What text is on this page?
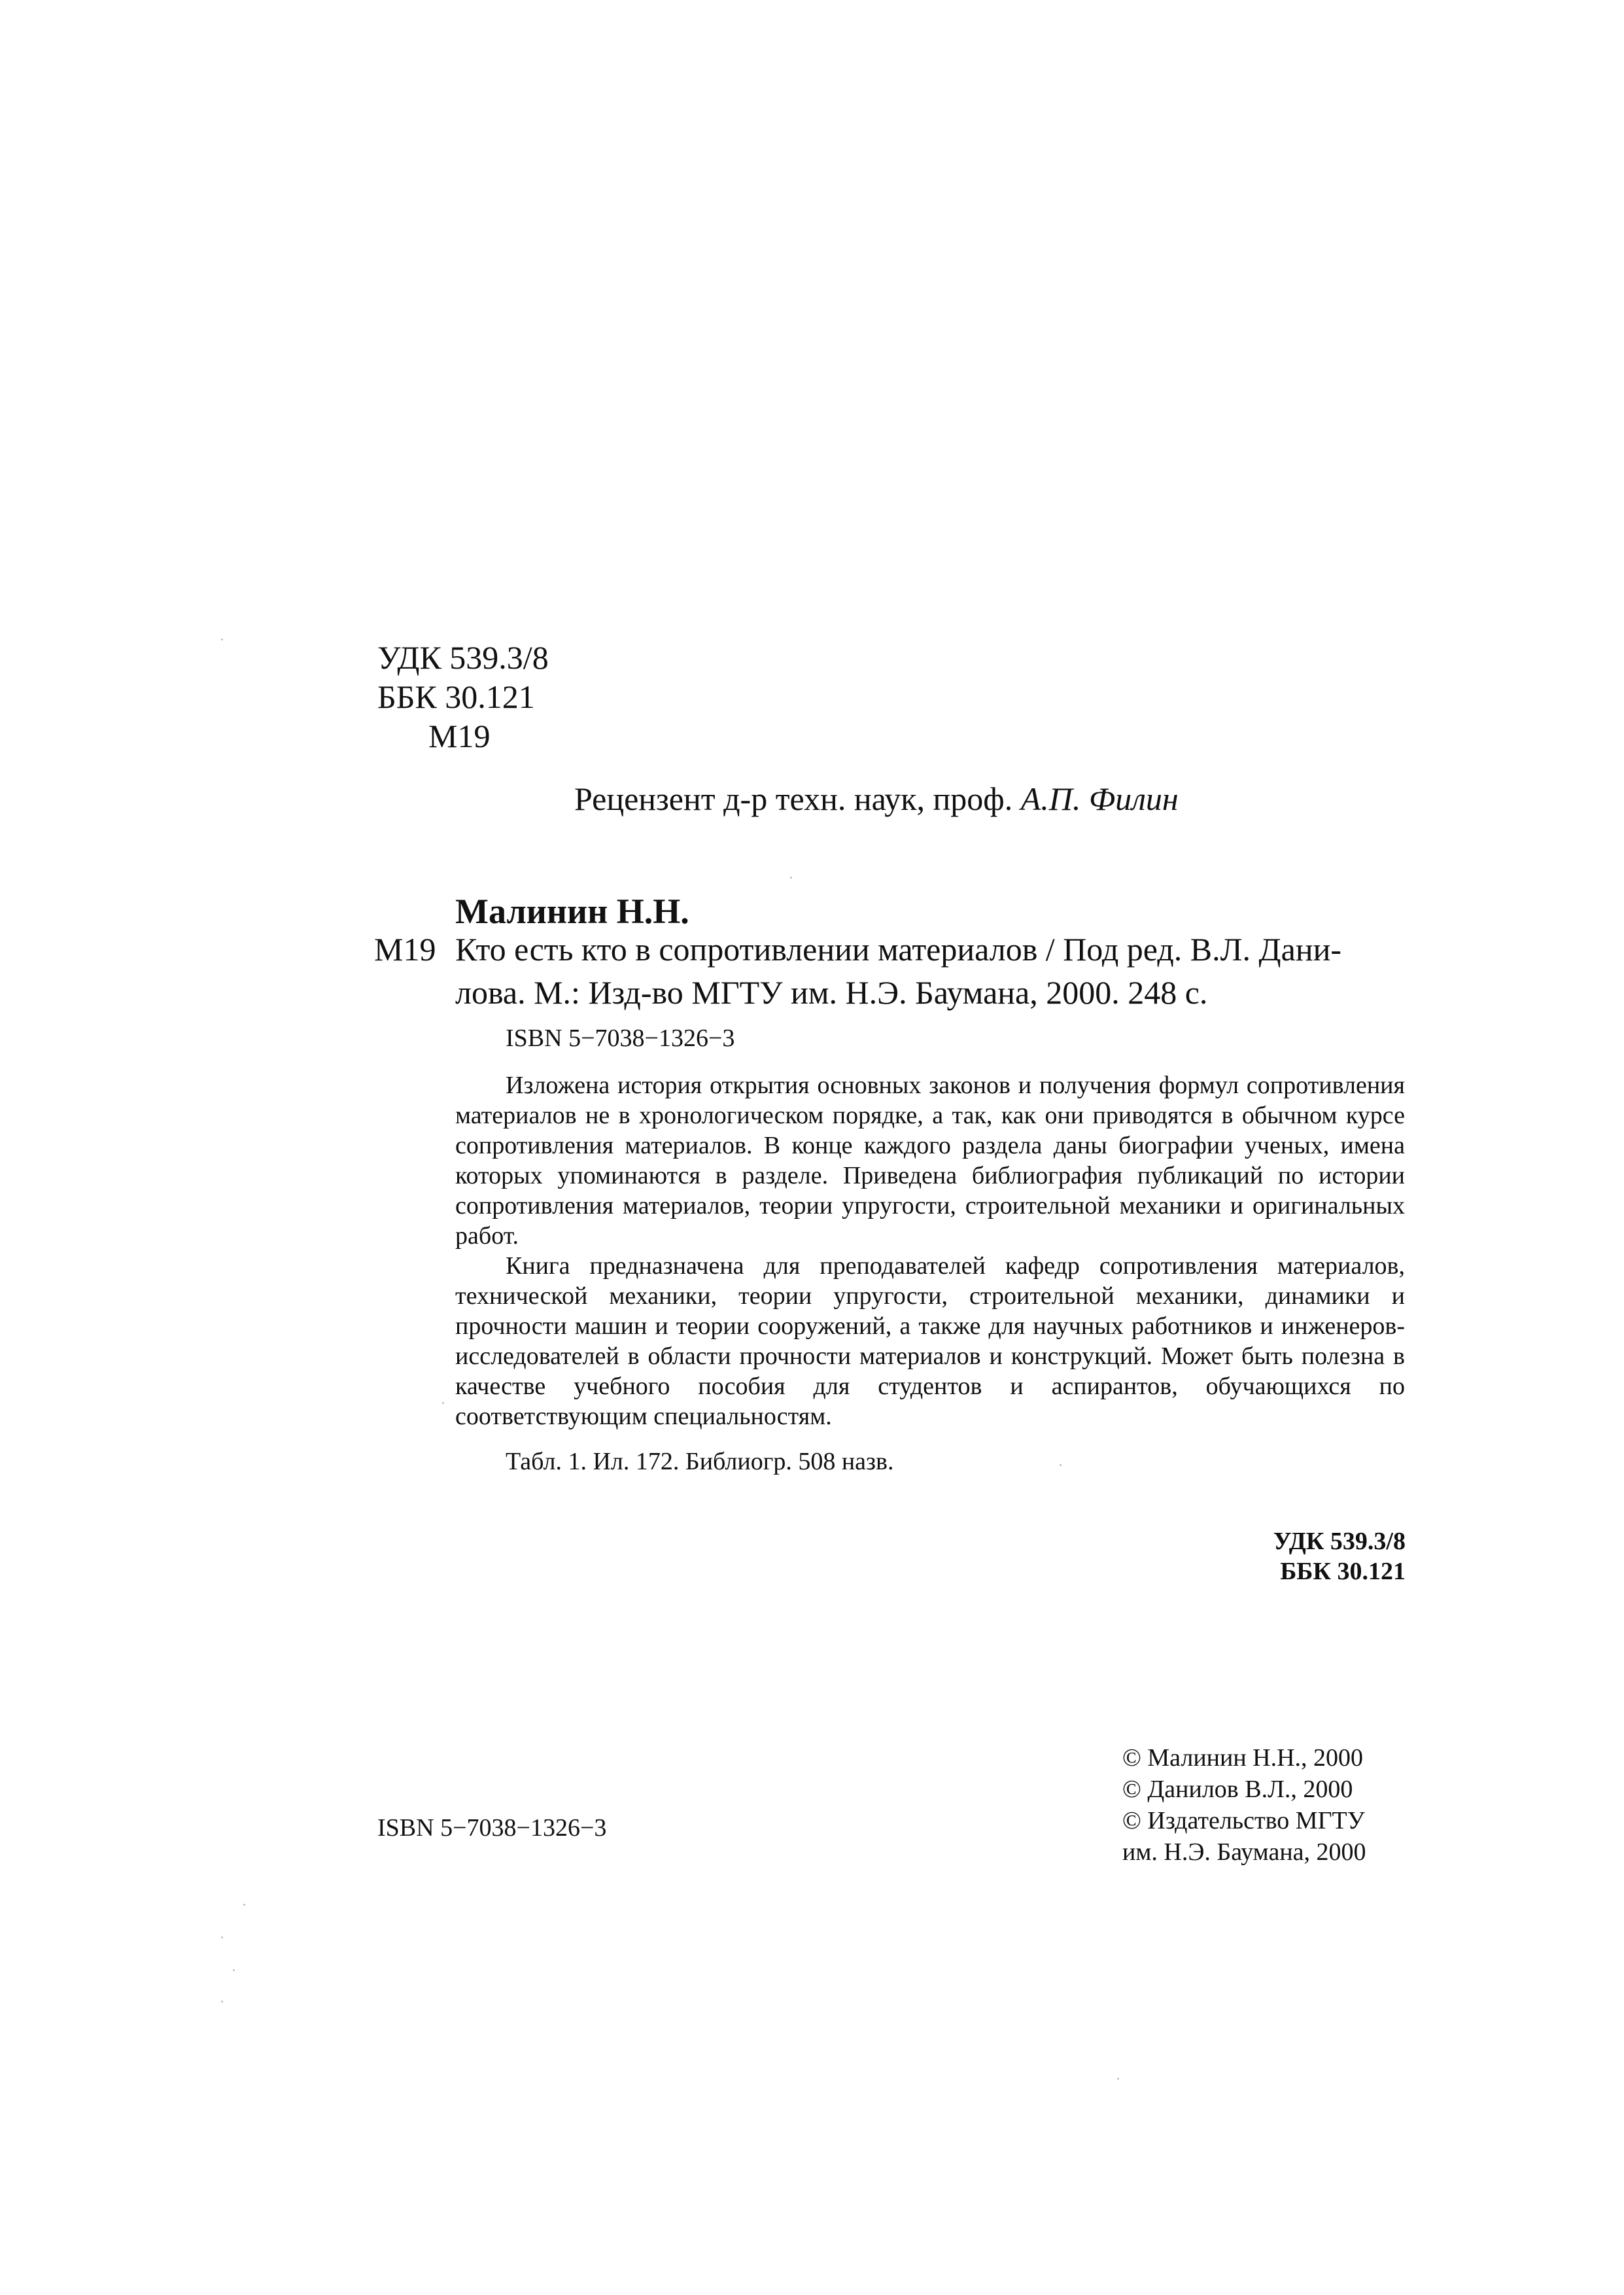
УДК 539.3/8
ББК 30.121
М19
Рецензент д-р техн. наук, проф. А.П. Филин
Малинин Н.Н.
М19 Кто есть кто в сопротивлении материалов / Под ред. В.Л. Дани-
лова. М.: Изд-во МГТУ им. Н.Э. Баумана, 2000. 248 с.
ISBN 5−7038−1326−3

Изложена история открытия основных законов и получения формул сопротивления материалов не в хронологическом порядке, а так, как они приводятся в обычном курсе сопротивления материалов. В конце каждого раздела даны биографии ученых, имена которых упоминаются в разделе. Приведена библиография публикаций по истории сопротивления материалов, теории упругости, строительной механики и оригинальных работ.

Книга предназначена для преподавателей кафедр сопротивления материалов, технической механики, теории упругости, строительной механики, динамики и прочности машин и теории сооружений, а также для научных работников и инженеров-исследователей в области прочности материалов и конструкций. Может быть полезна в качестве учебного пособия для студентов и аспирантов, обучающихся по соответствующим специальностям.

Табл. 1. Ил. 172. Библиогр. 508 назв.
УДК 539.3/8
ББК 30.121
ISBN 5−7038−1326−3
© Малинин Н.Н., 2000
© Данилов В.Л., 2000
© Издательство МГТУ
им. Н.Э. Баумана, 2000
